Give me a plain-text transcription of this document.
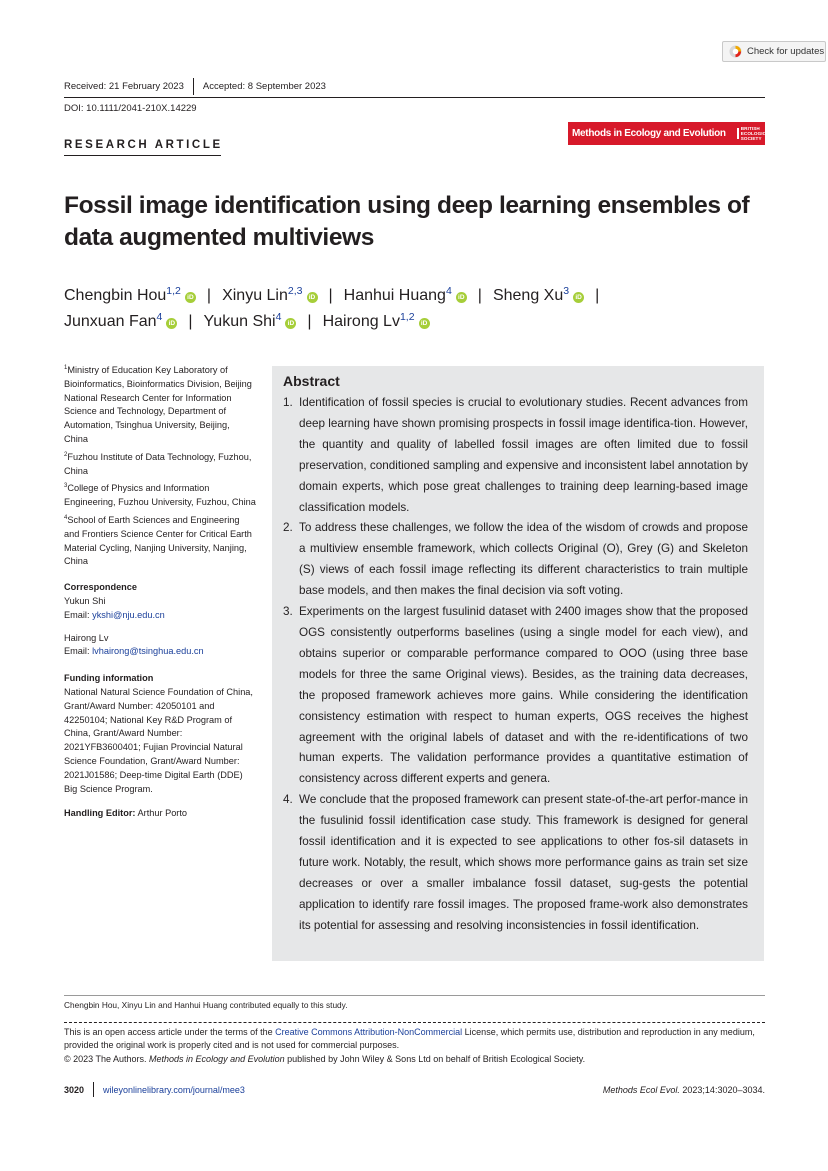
Check for updates
Received: 21 February 2023 Accepted: 8 September 2023
DOI: 10.1111/2041-210X.14229
RESEARCH ARTICLE
Methods in Ecology and Evolution	BRITISH
ECOLOGICAL
SOCIETY
Fossil image identification using deep learning ensembles of data augmented multiviews
Chengbin Hou$^{1,2}$iD | Xinyu Lin$^{2,3}$iD | Hanhui Huang$^4$iD | Sheng Xu$^3$iD |
Junxuan Fan$^4$iD | Yukun Shi$^4$iD | Hairong Lv$^{1,2}$iD

$^1$Ministry of Education Key Laboratory of Bioinformatics, Bioinformatics Division, Beijing National Research Center for Information Science and Technology, Department of Automation, Tsinghua University, Beijing, China

$^2$Fuzhou Institute of Data Technology, Fuzhou, China

$^3$College of Physics and Information Engineering, Fuzhou University, Fuzhou, China

$^4$School of Earth Sciences and Engineering and Frontiers Science Center for Critical Earth Material Cycling, Nanjing University, Nanjing, China

Correspondence
Yukun Shi
Email: ykshi@nju.edu.cn
Hairong Lv
Email: lvhairong@tsinghua.edu.cn
Funding information

National Natural Science Foundation of China, Grant/Award Number: 42050101 and 42250104; National Key R&D Program of China, Grant/Award Number: 2021YFB3600401; Fujian Provincial Natural Science Foundation, Grant/Award Number: 2021J01586; Deep-time Digital Earth (DDE) Big Science Program.

Handling Editor: Arthur Porto
Abstract
1. Identification of fossil species is crucial to evolutionary studies. Recent advances from deep learning have shown promising prospects in fossil image identifica-tion. However, the quantity and quality of labelled fossil images are often limited due to fossil preservation, conditioned sampling and expensive and inconsistent label annotation by domain experts, which pose great challenges to training deep learning-based image classification models.
2. To address these challenges, we follow the idea of the wisdom of crowds and propose a multiview ensemble framework, which collects Original (O), Grey (G) and Skeleton (S) views of each fossil image reflecting its different characteristics to train multiple base models, and then makes the final decision via soft voting.
3. Experiments on the largest fusulinid dataset with 2400 images show that the proposed OGS consistently outperforms baselines (using a single model for each view), and obtains superior or comparable performance compared to OOO (using three base models for three the same Original views). Besides, as the training data decreases, the proposed framework achieves more gains. While considering the identification consistency estimation with respect to human experts, OGS receives the highest agreement with the original labels of dataset and with the re-identifications of two human experts. The validation performance provides a quantitative estimation of consistency across different experts and genera.
4. We conclude that the proposed framework can present state-of-the-art perfor-mance in the fusulinid fossil identification case study. This framework is designed for general fossil identification and it is expected to see applications to other fos-sil datasets in future work. Notably, the result, which shows more performance gains as train set size decreases or over a smaller imbalance fossil dataset, sug-gests the potential application to identify rare fossil images. The proposed frame-work also demonstrates its potential for assessing and resolving inconsistencies in fossil identification.
Chengbin Hou, Xinyu Lin and Hanhui Huang contributed equally to this study.
This is an open access article under the terms of the Creative Commons Attribution-NonCommercial License, which permits use, distribution and reproduction in any medium, provided the original work is properly cited and is not used for commercial purposes.
© 2023 The Authors. Methods in Ecology and Evolution published by John Wiley & Sons Ltd on behalf of British Ecological Society.
3020 wileyonlinelibrary.com/journal/mee3	Methods Ecol Evol. 2023;14:3020–3034.
